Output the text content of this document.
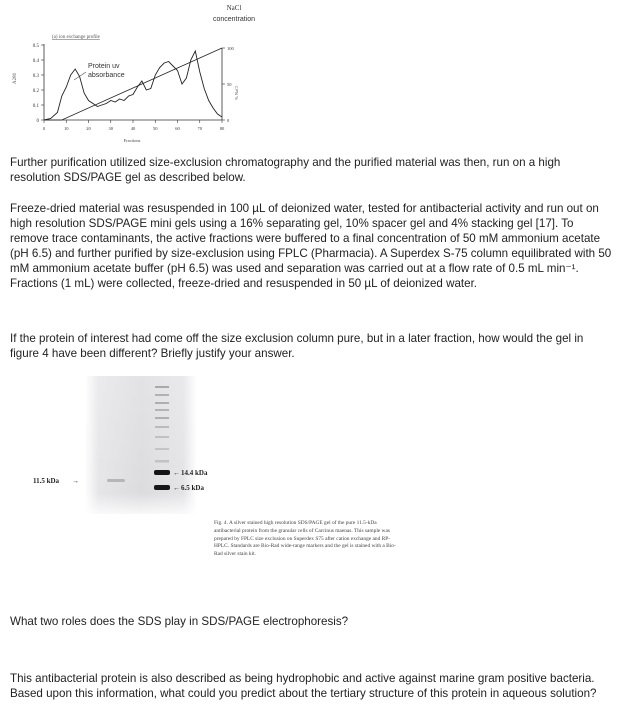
NaCl
concentration
(a) ion exchange profile
A280
0.5
0.4
0.3
0.2
0.1
0
0	10	20	30	40	50	60	70	80
100
50
0
Fractions
% NaCl
Protein uv
absorbance

Further purification utilized size-exclusion chromatography and the purified material was then, run on a high resolution SDS/PAGE gel as described below.

Freeze-dried material was resuspended in 100 µL of deionized water, tested for antibacterial activity and run out on high resolution SDS/PAGE mini gels using a 16% separating gel, 10% spacer gel and 4% stacking gel [17]. To remove trace contaminants, the active fractions were buffered to a final concentration of 50 mM ammonium acetate (pH 6.5) and further purified by size-exclusion using FPLC (Pharmacia). A Superdex S-75 column equilibrated with 50 mM ammonium acetate buffer (pH 6.5) was used and separation was carried out at a flow rate of 0.5 mL min⁻¹. Fractions (1 mL) were collected, freeze-dried and resuspended in 50 µL of deionized water.

If the protein of interest had come off the size exclusion column pure, but in a later fraction, how would the gel in figure 4 have been different? Briefly justify your answer.

11.5 kDa →
← 14.4 kDa
← 6.5 kDa
Fig. 4. A silver stained high resolution SDS/PAGE gel of the pure 11.5-kDa antibacterial protein from the granular cells of Carcinus maenas. This sample was prepared by FPLC size exclusion on Superdex S75 after cation exchange and RP-HPLC. Standards are Bio-Rad wide-range markers and the gel is stained with a Bio-Rad silver stain kit.

What two roles does the SDS play in SDS/PAGE electrophoresis?

This antibacterial protein is also described as being hydrophobic and active against marine gram positive bacteria. Based upon this information, what could you predict about the tertiary structure of this protein in aqueous solution?
